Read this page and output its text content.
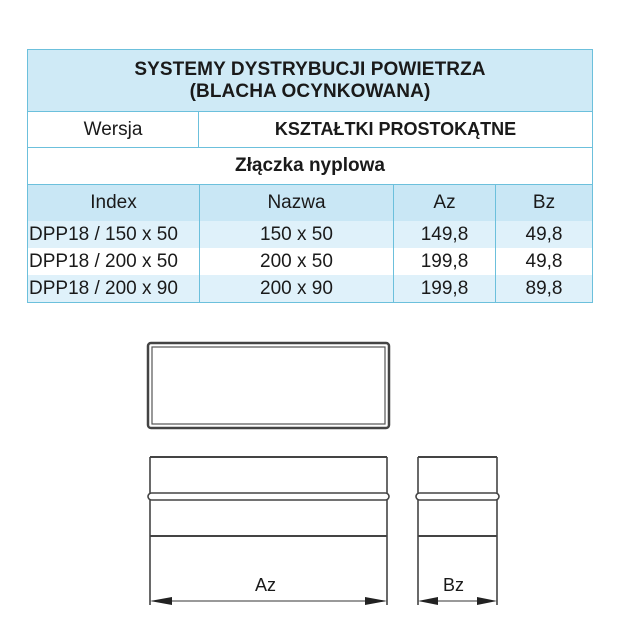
SYSTEMY DYSTRYBUCJI POWIETRZA
(BLACHA OCYNKOWANA)
Wersja	KSZTAŁTKI PROSTOKĄTNE
Złączka nyplowa
Index
DPP18 / 150 x 50
DPP18 / 200 x 50
DPP18 / 200 x 90
Nazwa
150 x 50
200 x 50
200 x 90
Az
149,8
199,8
199,8
Bz
49,8
49,8
89,8
Az	Bz
